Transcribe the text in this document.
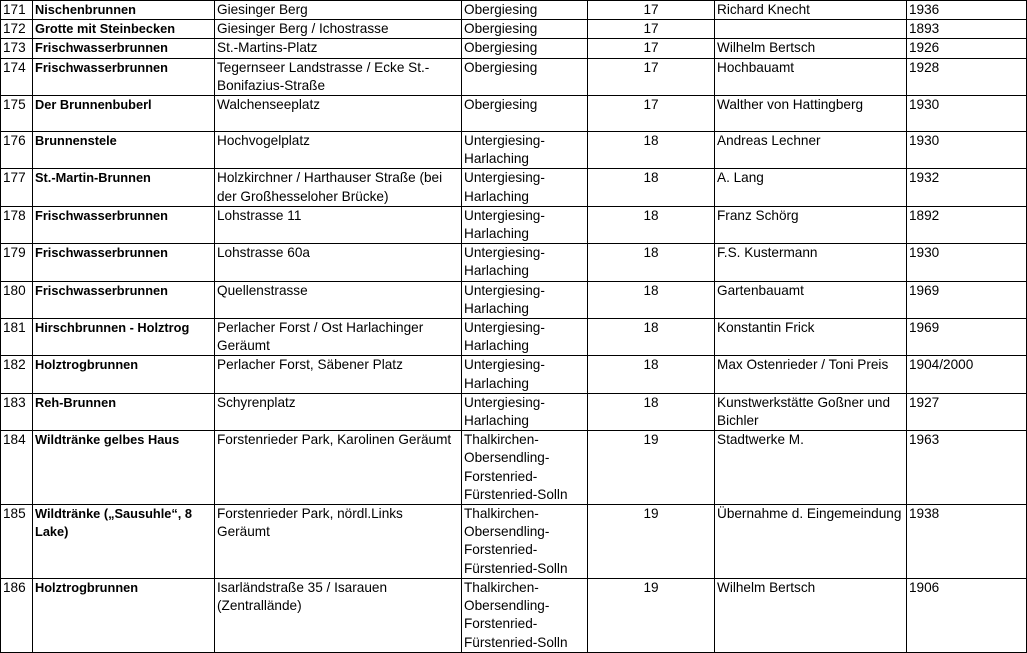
171	Nischenbrunnen	Giesinger Berg	Obergiesing	17	Richard Knecht	1936
172	Grotte mit Steinbecken	Giesinger Berg / Ichostrasse	Obergiesing	17		1893
173	Frischwasserbrunnen	St.-Martins-Platz	Obergiesing	17	Wilhelm Bertsch	1926
174	Frischwasserbrunnen	Tegernseer Landstrasse / Ecke St.-Bonifazius-Straße	Obergiesing	17	Hochbauamt	1928
175	Der Brunnenbuberl	Walchenseeplatz	Obergiesing	17	Walther von Hattingberg	1930
176	Brunnenstele	Hochvogelplatz	Untergiesing-Harlaching	18	Andreas Lechner	1930
177	St.-Martin-Brunnen	Holzkirchner / Harthauser Straße (bei der Großhesseloher Brücke)	Untergiesing-Harlaching	18	A. Lang	1932
178	Frischwasserbrunnen	Lohstrasse 11	Untergiesing-Harlaching	18	Franz Schörg	1892
179	Frischwasserbrunnen	Lohstrasse 60a	Untergiesing-Harlaching	18	F.S. Kustermann	1930
180	Frischwasserbrunnen	Quellenstrasse	Untergiesing-Harlaching	18	Gartenbauamt	1969
181	Hirschbrunnen - Holztrog	Perlacher Forst / Ost Harlachinger Geräumt	Untergiesing-Harlaching	18	Konstantin Frick	1969
182	Holztrogbrunnen	Perlacher Forst, Säbener Platz	Untergiesing-Harlaching	18	Max Ostenrieder / Toni Preis	1904/2000
183	Reh-Brunnen	Schyrenplatz	Untergiesing-Harlaching	18	Kunstwerkstätte Goßner und Bichler	1927
184	Wildtränke gelbes Haus	Forstenrieder Park, Karolinen Geräumt	Thalkirchen-Obersendling-Forstenried-Fürstenried-Solln	19	Stadtwerke M.	1963
185	Wildtränke („Sausuhle“, 8 Lake)	Forstenrieder Park, nördl.Links Geräumt	Thalkirchen-Obersendling-Forstenried-Fürstenried-Solln	19	Übernahme d. Eingemeindung	1938
186	Holztrogbrunnen	Isarländstraße 35 / Isarauen (Zentrallände)	Thalkirchen-Obersendling-Forstenried-Fürstenried-Solln	19	Wilhelm Bertsch	1906
